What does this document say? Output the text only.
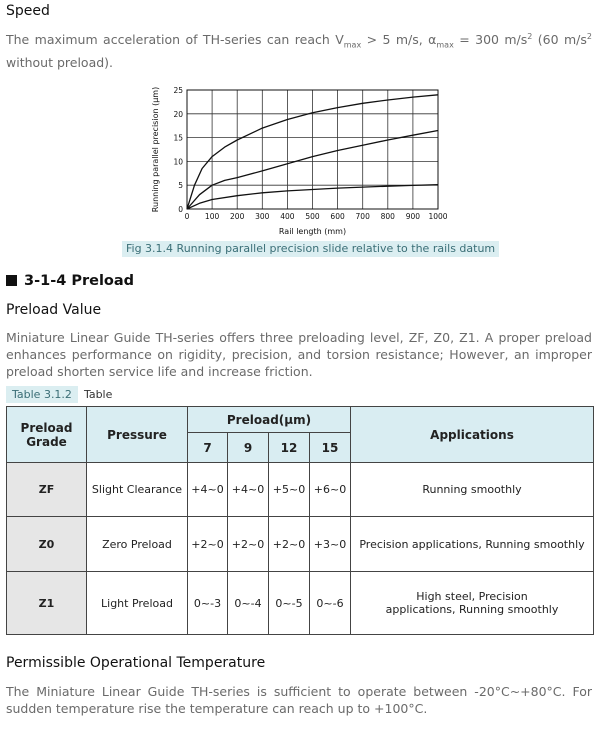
Speed
The maximum acceleration of TH-series can reach $V_{max} > 5$ m/s, $\alpha_{max} = 300$ $m/s^2$ (60 $m/s^2$ without preload).
0 100 200 300 400 500 600 700 800 900 1000
0
5
10
15
20
25
Rail length (mm)
Running parallel precision (μm)
Fig 3.1.4 Running parallel precision slide relative to the rails datum
3-1-4 Preload
Preload Value
Miniature Linear Guide TH-series offers three preloading level, ZF, Z0, Z1. A proper preload enhances performance on rigidity, precision, and torsion resistance; However, an improper preload shorten service life and increase friction.
Table 3.1.2 Table
Preload Grade	Pressure	Preload(μm)				Applications
		7	9	12	15	
ZF	Slight Clearance	+4~0	+4~0	+5~0	+6~0	Running smoothly
Z0	Zero Preload	+2~0	+2~0	+2~0	+3~0	Precision applications, Running smoothly
Z1	Light Preload	0~-3	0~-4	0~-5	0~-6	High steel, Precision applications, Running smoothly
Permissible Operational Temperature
The Miniature Linear Guide TH-series is sufficient to operate between -20°C~+80°C. For sudden temperature rise the temperature can reach up to +100°C.
